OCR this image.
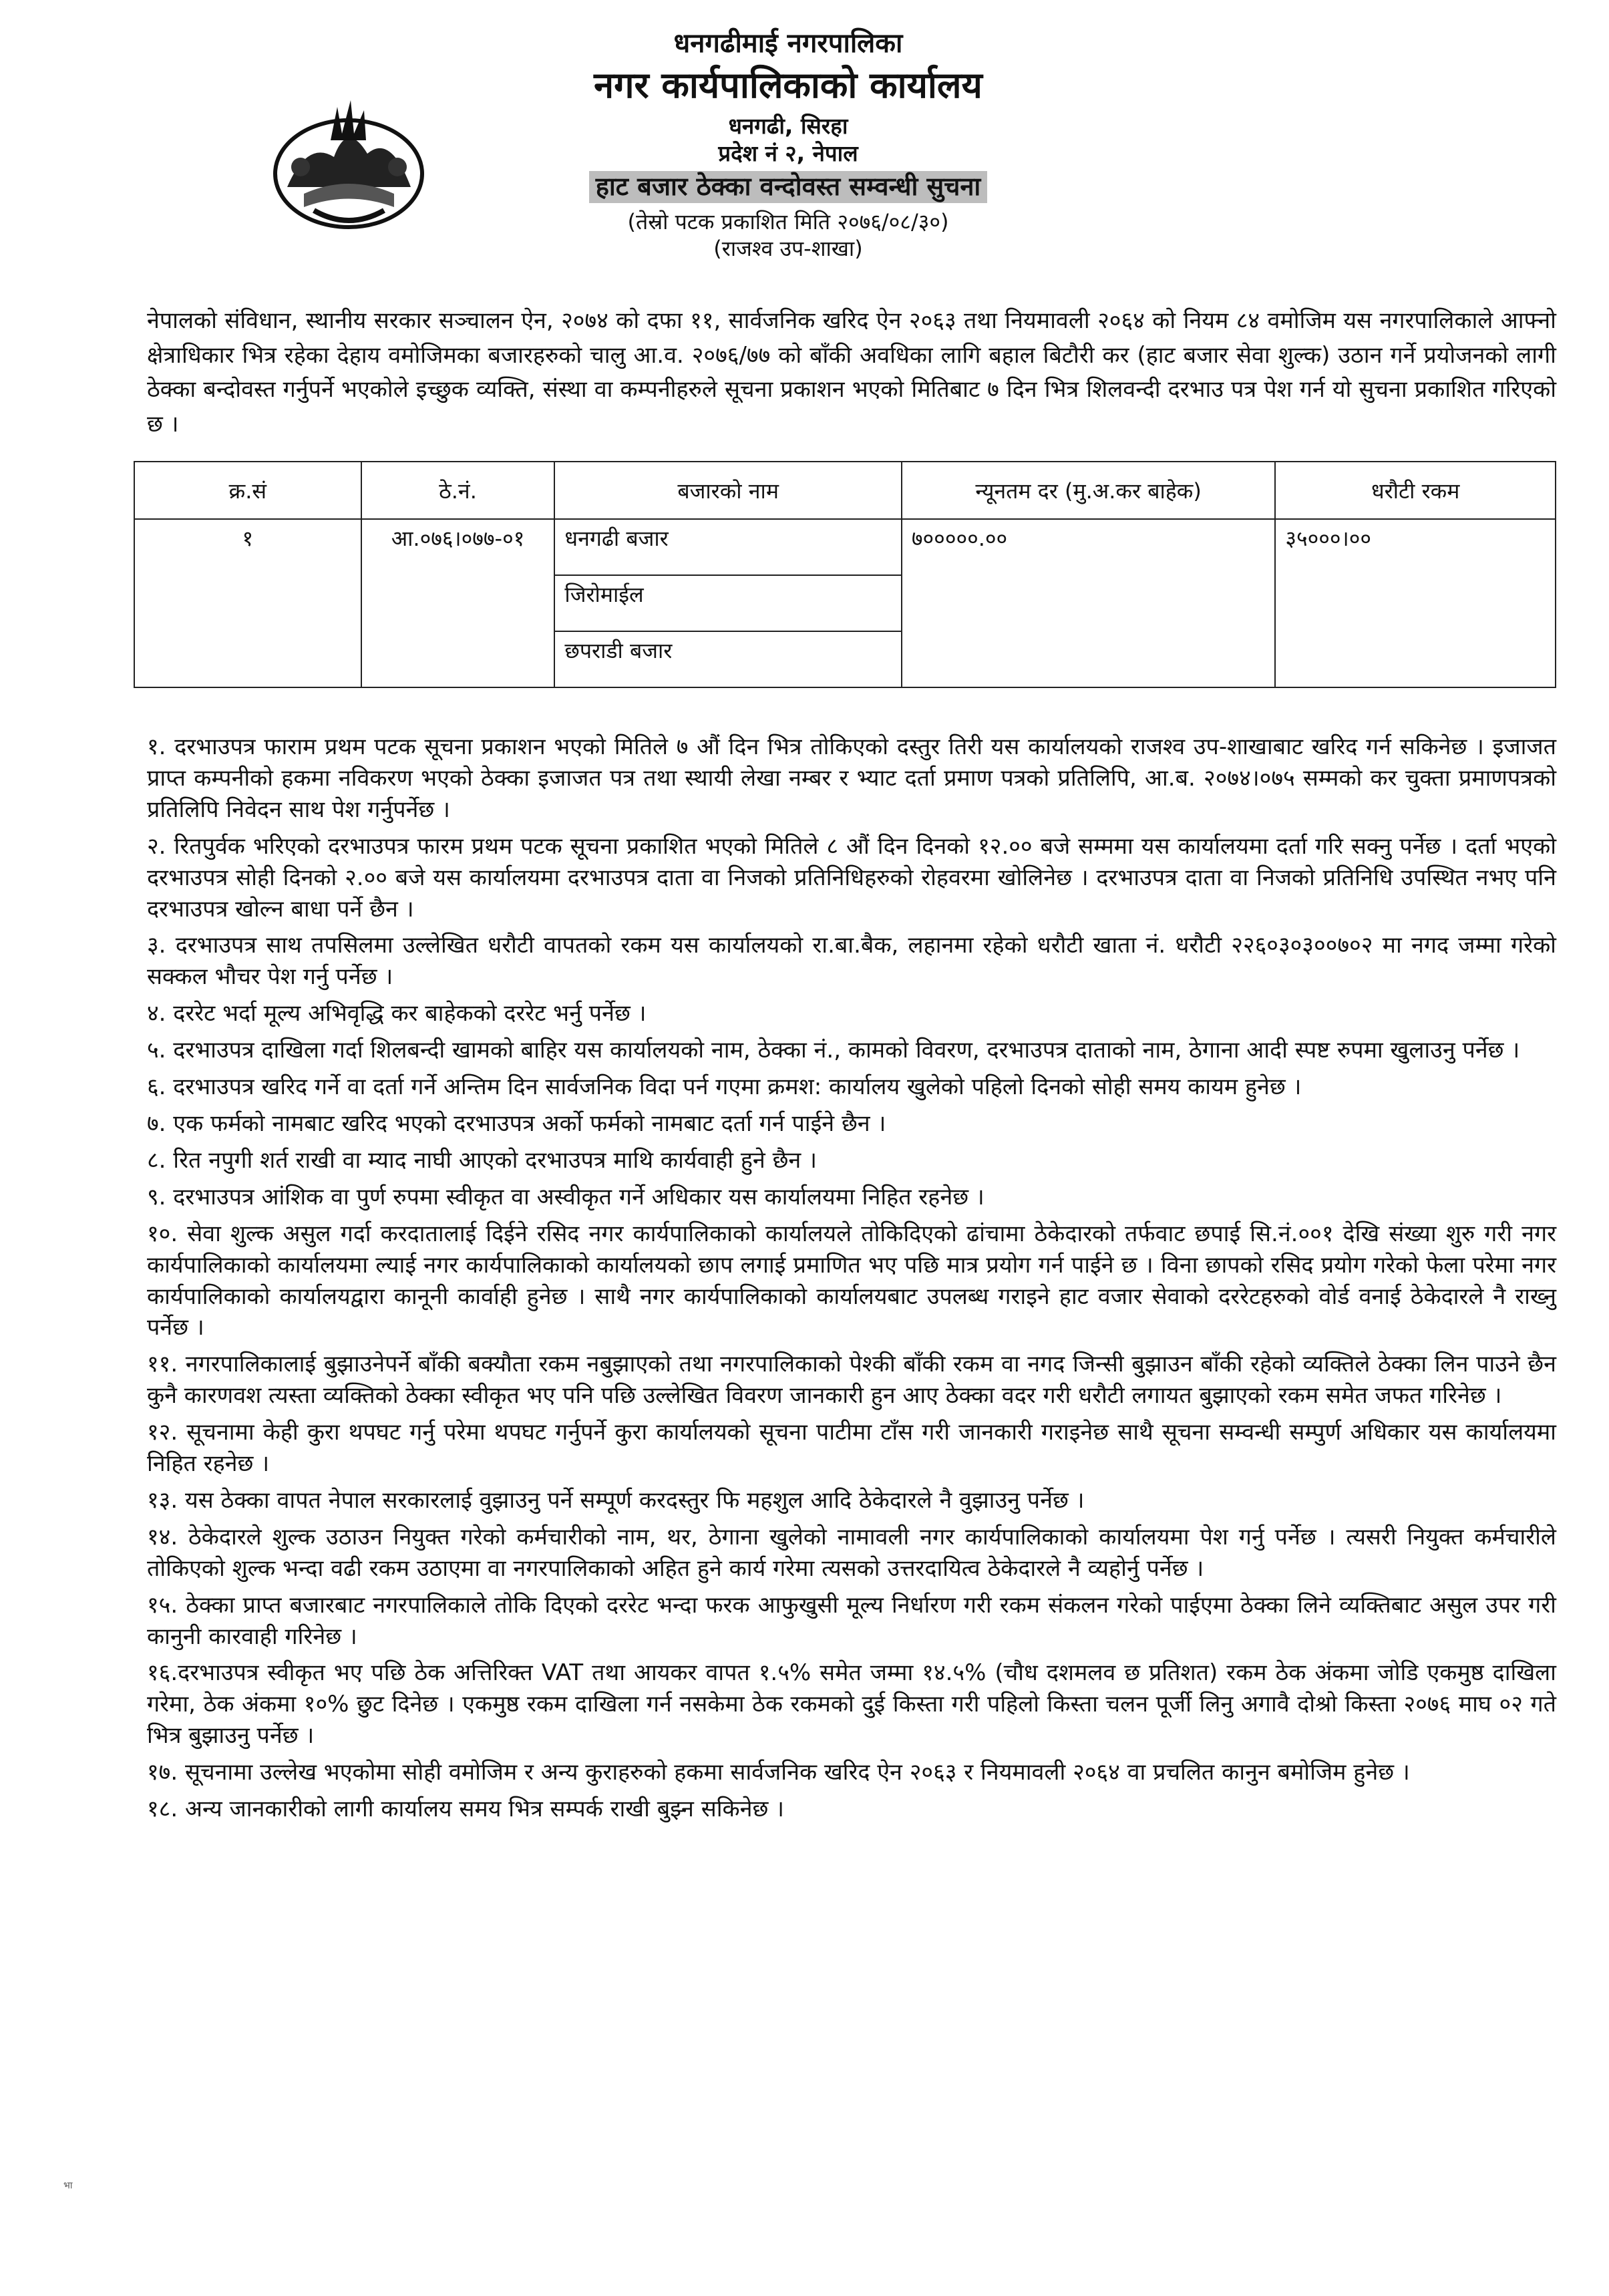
धनगढीमाई नगरपालिका
नगर कार्यपालिकाको कार्यालय
धनगढी, सिरहा
प्रदेश नं २, नेपाल
हाट बजार ठेक्का वन्दोवस्त सम्वन्धी सुचना
(तेस्रो पटक प्रकाशित मिति २०७६/०८/३०)
(राजश्व उप-शाखा)
नेपालको संविधान, स्थानीय सरकार सञ्चालन ऐन, २०७४ को दफा ११, सार्वजनिक खरिद ऐन २०६३ तथा नियमावली २०६४ को नियम ८४ वमोजिम यस नगरपालिकाले आफ्नो क्षेत्राधिकार भित्र रहेका देहाय वमोजिमका बजारहरुको चालु आ.व. २०७६/७७ को बाँकी अवधिका लागि बहाल बिटौरी कर (हाट बजार सेवा शुल्क) उठान गर्ने प्रयोजनको लागी ठेक्का बन्दोवस्त गर्नुपर्ने भएकोले इच्छुक व्यक्ति, संस्था वा कम्पनीहरुले सूचना प्रकाशन भएको मितिबाट ७ दिन भित्र शिलवन्दी दरभाउ पत्र पेश गर्न यो सुचना प्रकाशित गरिएको छ ।
क्र.सं	ठे.नं.	बजारको नाम	न्यूनतम दर (मु.अ.कर बाहेक)	धरौटी रकम
१	आ.०७६।०७७-०१	धनगढी बजार	७०००००.००	३५०००।००
		जिरोमाईल		
		छपराडी बजार		

१. दरभाउपत्र फाराम प्रथम पटक सूचना प्रकाशन भएको मितिले ७ औं दिन भित्र तोकिएको दस्तुर तिरी यस कार्यालयको राजश्व उप-शाखाबाट खरिद गर्न सकिनेछ । इजाजत प्राप्त कम्पनीको हकमा नविकरण भएको ठेक्का इजाजत पत्र तथा स्थायी लेखा नम्बर र भ्याट दर्ता प्रमाण पत्रको प्रतिलिपि, आ.ब. २०७४।०७५ सम्मको कर चुक्ता प्रमाणपत्रको प्रतिलिपि निवेदन साथ पेश गर्नुपर्नेछ ।

२. रितपुर्वक भरिएको दरभाउपत्र फारम प्रथम पटक सूचना प्रकाशित भएको मितिले ८ औं दिन दिनको १२.०० बजे सम्ममा यस कार्यालयमा दर्ता गरि सक्नु पर्नेछ । दर्ता भएको दरभाउपत्र सोही दिनको २.०० बजे यस कार्यालयमा दरभाउपत्र दाता वा निजको प्रतिनिधिहरुको रोहवरमा खोलिनेछ । दरभाउपत्र दाता वा निजको प्रतिनिधि उपस्थित नभए पनि दरभाउपत्र खोल्न बाधा पर्ने छैन ।

३. दरभाउपत्र साथ तपसिलमा उल्लेखित धरौटी वापतको रकम यस कार्यालयको रा.बा.बैक, लहानमा रहेको धरौटी खाता नं. धरौटी २२६०३०३००७०२ मा नगद जम्मा गरेको सक्कल भौचर पेश गर्नु पर्नेछ ।

४. दररेट भर्दा मूल्य अभिवृद्धि कर बाहेकको दररेट भर्नु पर्नेछ ।

५. दरभाउपत्र दाखिला गर्दा शिलबन्दी खामको बाहिर यस कार्यालयको नाम, ठेक्का नं., कामको विवरण, दरभाउपत्र दाताको नाम, ठेगाना आदी स्पष्ट रुपमा खुलाउनु पर्नेछ ।

६. दरभाउपत्र खरिद गर्ने वा दर्ता गर्ने अन्तिम दिन सार्वजनिक विदा पर्न गएमा क्रमश: कार्यालय खुलेको पहिलो दिनको सोही समय कायम हुनेछ ।

७. एक फर्मको नामबाट खरिद भएको दरभाउपत्र अर्को फर्मको नामबाट दर्ता गर्न पाईने छैन ।

८. रित नपुगी शर्त राखी वा म्याद नाघी आएको दरभाउपत्र माथि कार्यवाही हुने छैन ।

९. दरभाउपत्र आंशिक वा पुर्ण रुपमा स्वीकृत वा अस्वीकृत गर्ने अधिकार यस कार्यालयमा निहित रहनेछ ।

१०. सेवा शुल्क असुल गर्दा करदातालाई दिईने रसिद नगर कार्यपालिकाको कार्यालयले तोकिदिएको ढांचामा ठेकेदारको तर्फवाट छपाई सि.नं.००१ देखि संख्या शुरु गरी नगर कार्यपालिकाको कार्यालयमा ल्याई नगर कार्यपालिकाको कार्यालयको छाप लगाई प्रमाणित भए पछि मात्र प्रयोग गर्न पाईने छ । विना छापको रसिद प्रयोग गरेको फेला परेमा नगर कार्यपालिकाको कार्यालयद्वारा कानूनी कार्वाही हुनेछ । साथै नगर कार्यपालिकाको कार्यालयबाट उपलब्ध गराइने हाट वजार सेवाको दररेटहरुको वोर्ड वनाई ठेकेदारले नै राख्नु पर्नेछ ।

११. नगरपालिकालाई बुझाउनेपर्ने बाँकी बक्यौता रकम नबुझाएको तथा नगरपालिकाको पेश्की बाँकी रकम वा नगद जिन्सी बुझाउन बाँकी रहेको व्यक्तिले ठेक्का लिन पाउने छैन कुनै कारणवश त्यस्ता व्यक्तिको ठेक्का स्वीकृत भए पनि पछि उल्लेखित विवरण जानकारी हुन आए ठेक्का वदर गरी धरौटी लगायत बुझाएको रकम समेत जफत गरिनेछ ।

१२. सूचनामा केही कुरा थपघट गर्नु परेमा थपघट गर्नुपर्ने कुरा कार्यालयको सूचना पाटीमा टाँस गरी जानकारी गराइनेछ साथै सूचना सम्वन्धी सम्पुर्ण अधिकार यस कार्यालयमा निहित रहनेछ ।

१३. यस ठेक्का वापत नेपाल सरकारलाई वुझाउनु पर्ने सम्पूर्ण करदस्तुर फि महशुल आदि ठेकेदारले नै वुझाउनु पर्नेछ ।

१४. ठेकेदारले शुल्क उठाउन नियुक्त गरेको कर्मचारीको नाम, थर, ठेगाना खुलेको नामावली नगर कार्यपालिकाको कार्यालयमा पेश गर्नु पर्नेछ । त्यसरी नियुक्त कर्मचारीले तोकिएको शुल्क भन्दा वढी रकम उठाएमा वा नगरपालिकाको अहित हुने कार्य गरेमा त्यसको उत्तरदायित्व ठेकेदारले नै व्यहोर्नु पर्नेछ ।

१५. ठेक्का प्राप्त बजारबाट नगरपालिकाले तोकि दिएको दररेट भन्दा फरक आफुखुसी मूल्य निर्धारण गरी रकम संकलन गरेको पाईएमा ठेक्का लिने व्यक्तिबाट असुल उपर गरी कानुनी कारवाही गरिनेछ ।

१६.दरभाउपत्र स्वीकृत भए पछि ठेक अत्तिरिक्त VAT तथा आयकर वापत १.५% समेत जम्मा १४.५% (चौध दशमलव छ प्रतिशत) रकम ठेक अंकमा जोडि एकमुष्ठ दाखिला गरेमा, ठेक अंकमा १०% छुट दिनेछ । एकमुष्ठ रकम दाखिला गर्न नसकेमा ठेक रकमको दुई किस्ता गरी पहिलो किस्ता चलन पूर्जी लिनु अगावै दोश्रो किस्ता २०७६ माघ ०२ गते भित्र बुझाउनु पर्नेछ ।

१७. सूचनामा उल्लेख भएकोमा सोही वमोजिम र अन्य कुराहरुको हकमा सार्वजनिक खरिद ऐन २०६३ र नियमावली २०६४ वा प्रचलित कानुन बमोजिम हुनेछ ।

१८. अन्य जानकारीको लागी कार्यालय समय भित्र सम्पर्क राखी बुझ्न सकिनेछ ।

भा
